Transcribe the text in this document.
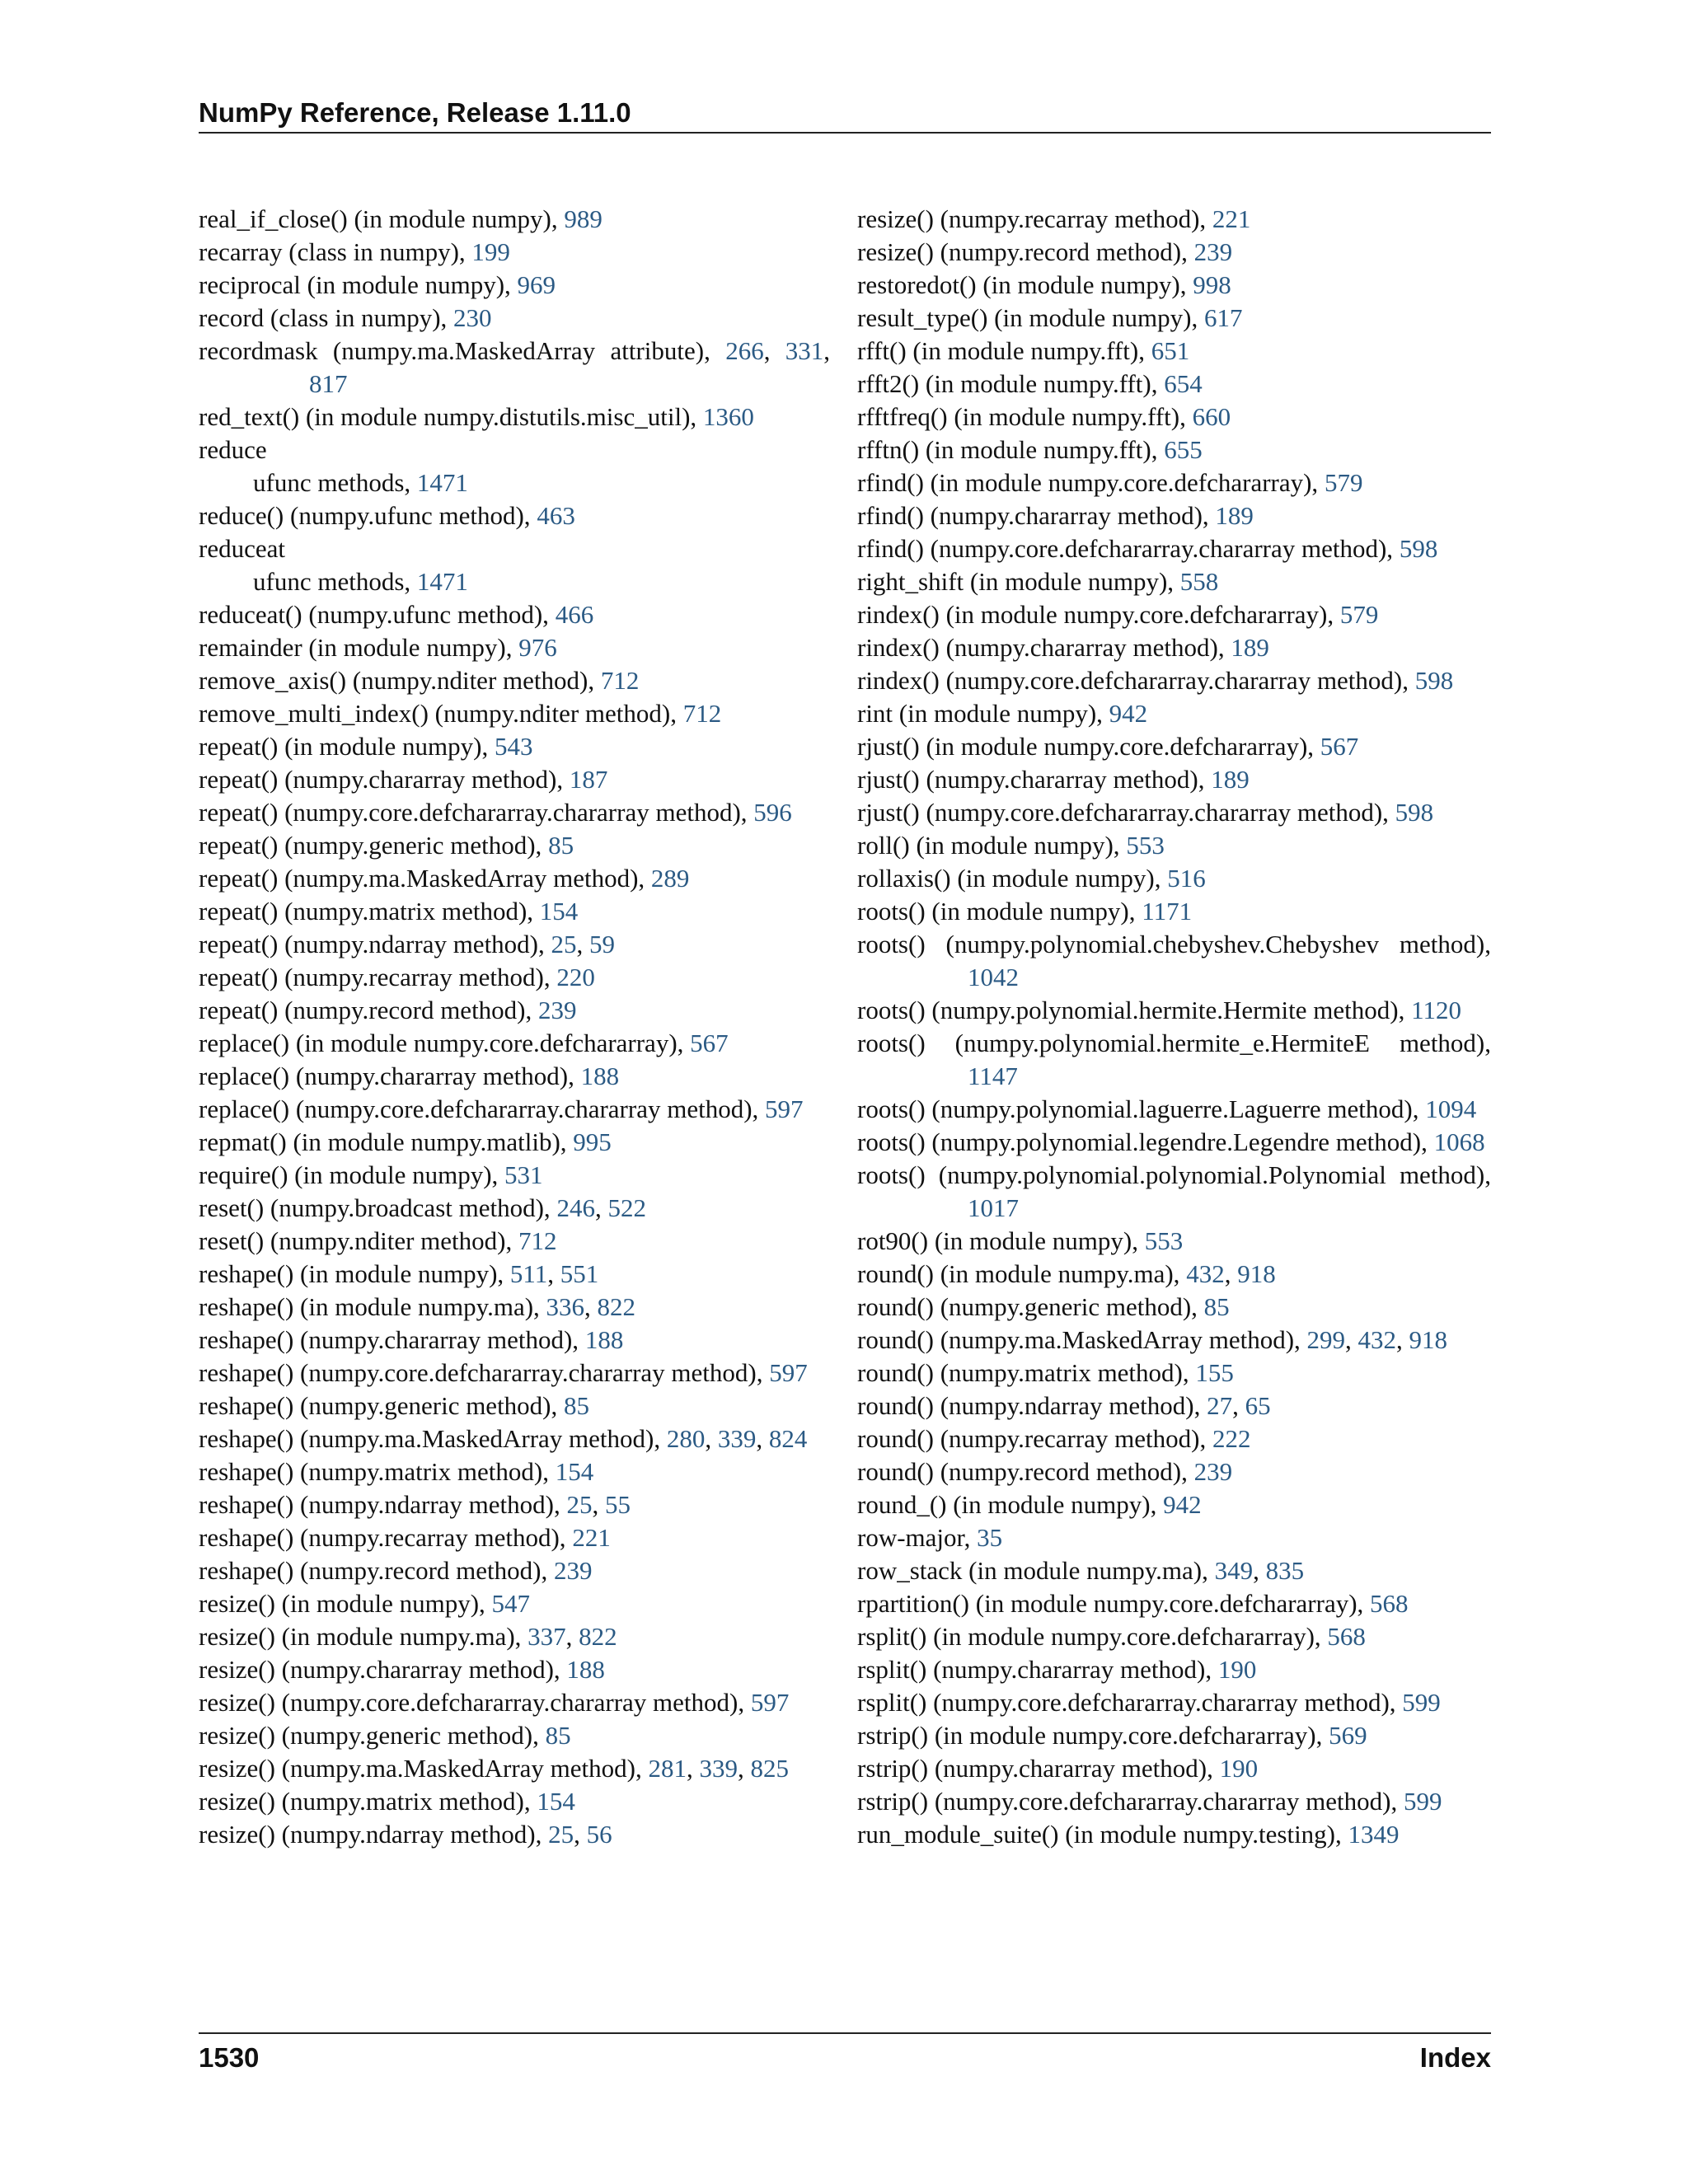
NumPy Reference, Release 1.11.0
real_if_close() (in module numpy), 989
recarray (class in numpy), 199
reciprocal (in module numpy), 969
record (class in numpy), 230
recordmask (numpy.ma.MaskedArray attribute), 266, 331, 817
red_text() (in module numpy.distutils.misc_util), 1360
reduce
ufunc methods, 1471
reduce() (numpy.ufunc method), 463
reduceat
ufunc methods, 1471
reduceat() (numpy.ufunc method), 466
remainder (in module numpy), 976
remove_axis() (numpy.nditer method), 712
remove_multi_index() (numpy.nditer method), 712
repeat() (in module numpy), 543
repeat() (numpy.chararray method), 187
repeat() (numpy.core.defchararray.chararray method), 596
repeat() (numpy.generic method), 85
repeat() (numpy.ma.MaskedArray method), 289
repeat() (numpy.matrix method), 154
repeat() (numpy.ndarray method), 25, 59
repeat() (numpy.recarray method), 220
repeat() (numpy.record method), 239
replace() (in module numpy.core.defchararray), 567
replace() (numpy.chararray method), 188
replace() (numpy.core.defchararray.chararray method), 597
repmat() (in module numpy.matlib), 995
require() (in module numpy), 531
reset() (numpy.broadcast method), 246, 522
reset() (numpy.nditer method), 712
reshape() (in module numpy), 511, 551
reshape() (in module numpy.ma), 336, 822
reshape() (numpy.chararray method), 188
reshape() (numpy.core.defchararray.chararray method), 597
reshape() (numpy.generic method), 85
reshape() (numpy.ma.MaskedArray method), 280, 339, 824
reshape() (numpy.matrix method), 154
reshape() (numpy.ndarray method), 25, 55
reshape() (numpy.recarray method), 221
reshape() (numpy.record method), 239
resize() (in module numpy), 547
resize() (in module numpy.ma), 337, 822
resize() (numpy.chararray method), 188
resize() (numpy.core.defchararray.chararray method), 597
resize() (numpy.generic method), 85
resize() (numpy.ma.MaskedArray method), 281, 339, 825
resize() (numpy.matrix method), 154
resize() (numpy.ndarray method), 25, 56
resize() (numpy.recarray method), 221
resize() (numpy.record method), 239
restoredot() (in module numpy), 998
result_type() (in module numpy), 617
rfft() (in module numpy.fft), 651
rfft2() (in module numpy.fft), 654
rfftfreq() (in module numpy.fft), 660
rfftn() (in module numpy.fft), 655
rfind() (in module numpy.core.defchararray), 579
rfind() (numpy.chararray method), 189
rfind() (numpy.core.defchararray.chararray method), 598
right_shift (in module numpy), 558
rindex() (in module numpy.core.defchararray), 579
rindex() (numpy.chararray method), 189
rindex() (numpy.core.defchararray.chararray method), 598
rint (in module numpy), 942
rjust() (in module numpy.core.defchararray), 567
rjust() (numpy.chararray method), 189
rjust() (numpy.core.defchararray.chararray method), 598
roll() (in module numpy), 553
rollaxis() (in module numpy), 516
roots() (in module numpy), 1171
roots() (numpy.polynomial.chebyshev.Chebyshev method), 1042
roots() (numpy.polynomial.hermite.Hermite method), 1120
roots() (numpy.polynomial.hermite_e.HermiteE method), 1147
roots() (numpy.polynomial.laguerre.Laguerre method), 1094
roots() (numpy.polynomial.legendre.Legendre method), 1068
roots() (numpy.polynomial.polynomial.Polynomial method), 1017
rot90() (in module numpy), 553
round() (in module numpy.ma), 432, 918
round() (numpy.generic method), 85
round() (numpy.ma.MaskedArray method), 299, 432, 918
round() (numpy.matrix method), 155
round() (numpy.ndarray method), 27, 65
round() (numpy.recarray method), 222
round() (numpy.record method), 239
round_() (in module numpy), 942
row-major, 35
row_stack (in module numpy.ma), 349, 835
rpartition() (in module numpy.core.defchararray), 568
rsplit() (in module numpy.core.defchararray), 568
rsplit() (numpy.chararray method), 190
rsplit() (numpy.core.defchararray.chararray method), 599
rstrip() (in module numpy.core.defchararray), 569
rstrip() (numpy.chararray method), 190
rstrip() (numpy.core.defchararray.chararray method), 599
run_module_suite() (in module numpy.testing), 1349
1530	Index
